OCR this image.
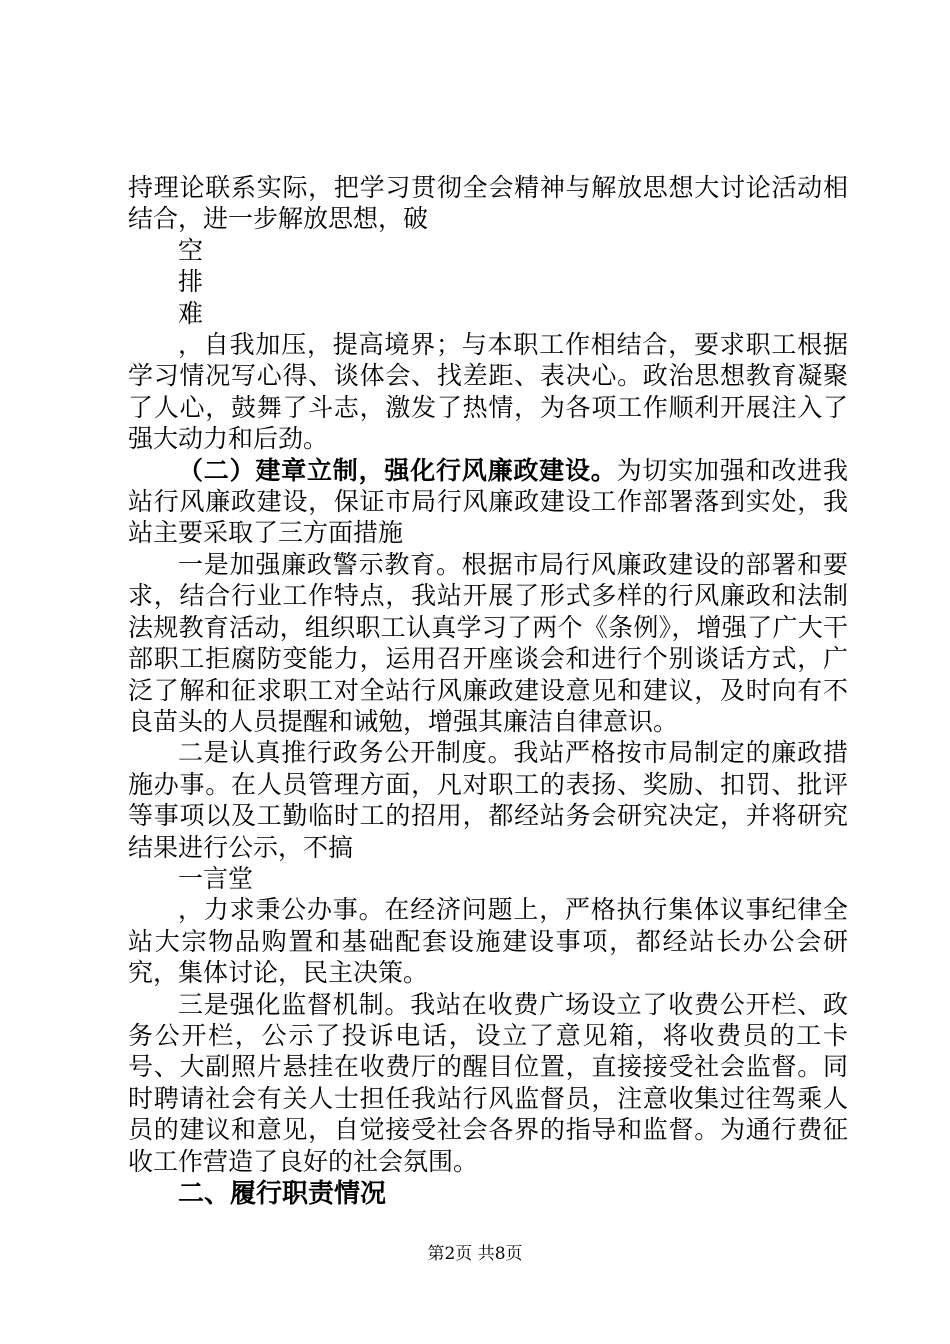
持理论联系实际，把学习贯彻全会精神与解放思想大讨论活动相结合，进一步解放思想，破

空

排

难

，自我加压，提高境界；与本职工作相结合，要求职工根据学习情况写心得、谈体会、找差距、表决心。政治思想教育凝聚了人心，鼓舞了斗志，激发了热情，为各项工作顺利开展注入了强大动力和后劲。

（二）建章立制，强化行风廉政建设。为切实加强和改进我站行风廉政建设，保证市局行风廉政建设工作部署落到实处，我站主要采取了三方面措施

一是加强廉政警示教育。根据市局行风廉政建设的部署和要求，结合行业工作特点，我站开展了形式多样的行风廉政和法制法规教育活动，组织职工认真学习了两个《条例》，增强了广大干部职工拒腐防变能力，运用召开座谈会和进行个别谈话方式，广泛了解和征求职工对全站行风廉政建设意见和建议，及时向有不良苗头的人员提醒和诫勉，增强其廉洁自律意识。

二是认真推行政务公开制度。我站严格按市局制定的廉政措施办事。在人员管理方面，凡对职工的表扬、奖励、扣罚、批评等事项以及工勤临时工的招用，都经站务会研究决定，并将研究结果进行公示，不搞

一言堂

，力求秉公办事。在经济问题上，严格执行集体议事纪律全站大宗物品购置和基础配套设施建设事项，都经站长办公会研究，集体讨论，民主决策。

三是强化监督机制。我站在收费广场设立了收费公开栏、政务公开栏，公示了投诉电话，设立了意见箱，将收费员的工卡号、大副照片悬挂在收费厅的醒目位置，直接接受社会监督。同时聘请社会有关人士担任我站行风监督员，注意收集过往驾乘人员的建议和意见，自觉接受社会各界的指导和监督。为通行费征收工作营造了良好的社会氛围。

二、履行职责情况

第2页 共8页
